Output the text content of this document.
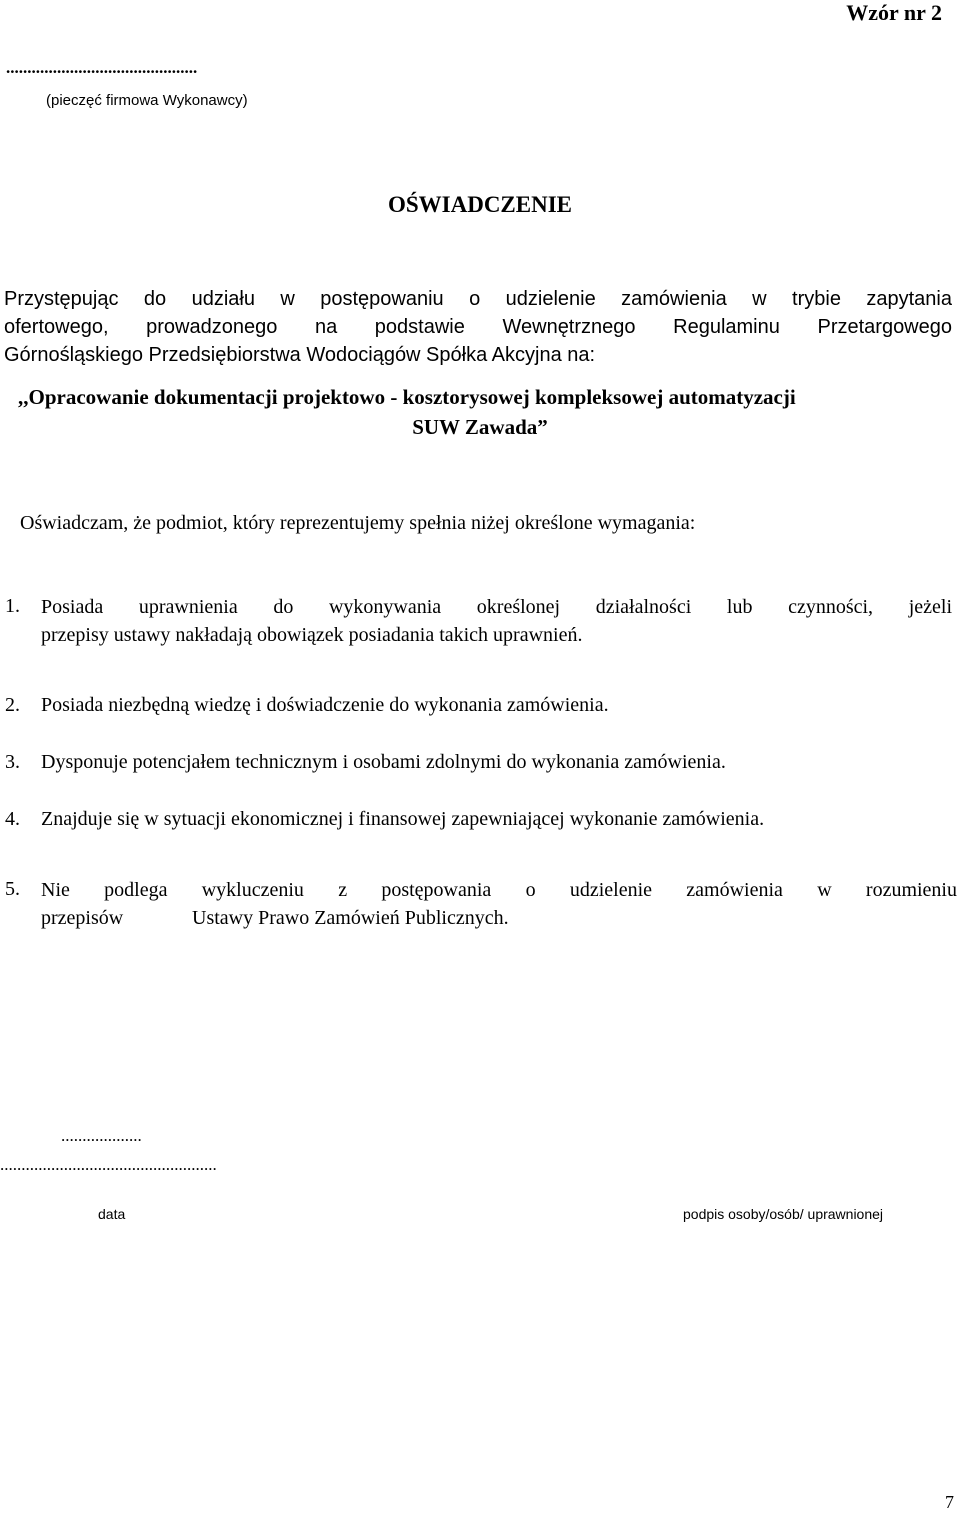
Wzór nr 2
.............................................
(pieczęć firmowa Wykonawcy)
OŚWIADCZENIE
Przystępując do udziału w postępowaniu o udzielenie zamówienia w trybie zapytania
ofertowego, prowadzonego na podstawie Wewnętrznego Regulaminu Przetargowego
Górnośląskiego Przedsiębiorstwa Wodociągów Spółka Akcyjna na:
,,Opracowanie dokumentacji projektowo - kosztorysowej kompleksowej automatyzacji
SUW Zawada”
Oświadczam, że podmiot, który reprezentujemy spełnia niżej określone wymagania:
1. Posiada uprawnienia do wykonywania określonej działalności lub czynności, jeżeli
przepisy ustawy nakładają obowiązek posiadania takich uprawnień.
2. Posiada niezbędną wiedzę i doświadczenie do wykonania zamówienia.
3. Dysponuje potencjałem technicznym i osobami zdolnymi do wykonania zamówienia.
4. Znajduje się w sytuacji ekonomicznej i finansowej zapewniającej wykonanie zamówienia.
5. Nie podlega wykluczeniu z postępowania o udzielenie zamówienia w rozumieniu
przepisów	Ustawy Prawo Zamówień Publicznych.
...................
...................................................
data	podpis osoby/osób/ uprawnionej
7
